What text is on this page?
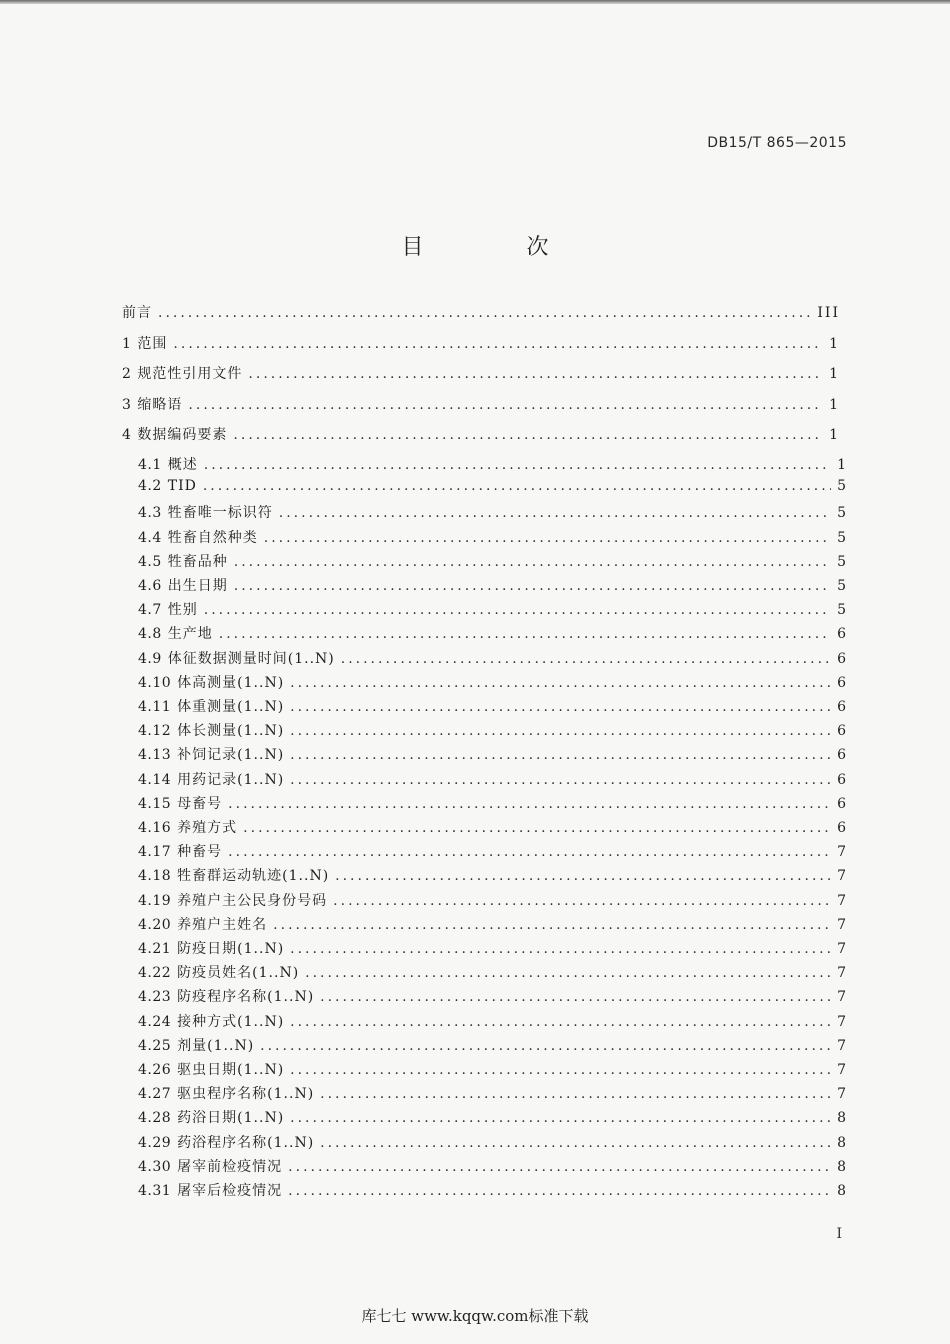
DB15/T 865—2015
目 次
前言 .....	III
1 范围 .....	1
2 规范性引用文件 .....	1
3 缩略语 .....	1
4 数据编码要素 .....	1
4.1 概述 .....	1
4.2 TID .....	5
4.3 牲畜唯一标识符 .....	5
4.4 牲畜自然种类 .....	5
4.5 牲畜品种 .....	5
4.6 出生日期 .....	5
4.7 性别 .....	5
4.8 生产地 .....	6
4.9 体征数据测量时间(1..N) .....	6
4.10 体高测量(1..N) .....	6
4.11 体重测量(1..N) .....	6
4.12 体长测量(1..N) .....	6
4.13 补饲记录(1..N) .....	6
4.14 用药记录(1..N) .....	6
4.15 母畜号 .....	6
4.16 养殖方式 .....	6
4.17 种畜号 .....	7
4.18 牲畜群运动轨迹(1..N) .....	7
4.19 养殖户主公民身份号码 .....	7
4.20 养殖户主姓名 .....	7
4.21 防疫日期(1..N) .....	7
4.22 防疫员姓名(1..N) .....	7
4.23 防疫程序名称(1..N) .....	7
4.24 接种方式(1..N) .....	7
4.25 剂量(1..N) .....	7
4.26 驱虫日期(1..N) .....	7
4.27 驱虫程序名称(1..N) .....	7
4.28 药浴日期(1..N) .....	8
4.29 药浴程序名称(1..N) .....	8
4.30 屠宰前检疫情况 .....	8
4.31 屠宰后检疫情况 .....	8
I
库七七 www.kqqw.com标准下载
